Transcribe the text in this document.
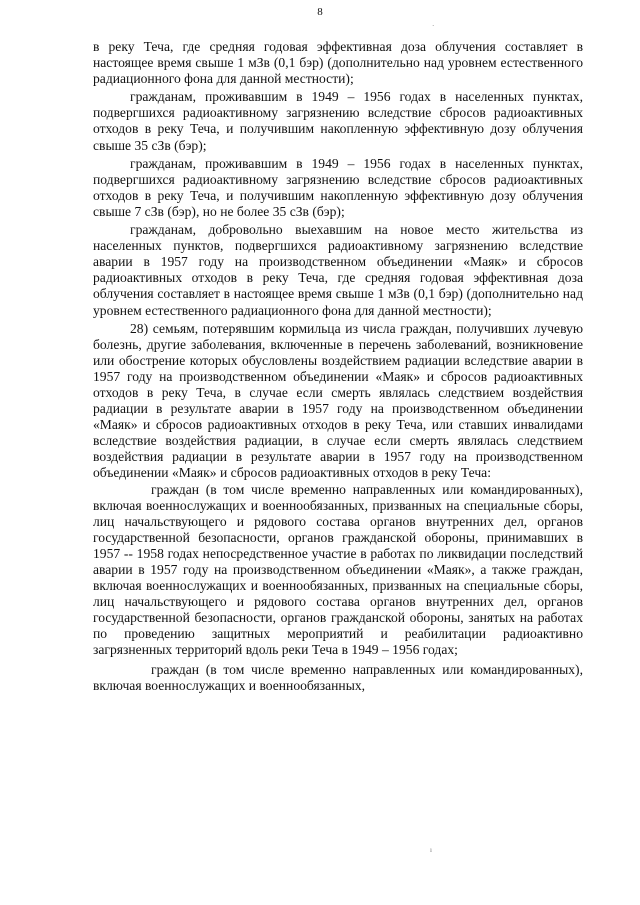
8
·

в реку Теча, где средняя годовая эффективная доза облучения составляет в настоящее время свыше 1 мЗв (0,1 бэр) (дополнительно над уровнем естественного радиационного фона для данной местности);

гражданам, проживавшим в 1949 – 1956 годах в населенных пунктах, подвергшихся радиоактивному загрязнению вследствие сбросов радиоактивных отходов в реку Теча, и получившим накопленную эффективную дозу облучения свыше 35 сЗв (бэр);

гражданам, проживавшим в 1949 – 1956 годах в населенных пунктах, подвергшихся радиоактивному загрязнению вследствие сбросов радиоактивных отходов в реку Теча, и получившим накопленную эффективную дозу облучения свыше 7 сЗв (бэр), но не более 35 сЗв (бэр);

гражданам, добровольно выехавшим на новое место жительства из населенных пунктов, подвергшихся радиоактивному загрязнению вследствие аварии в 1957 году на производственном объединении «Маяк» и сбросов радиоактивных отходов в реку Теча, где средняя годовая эффективная доза облучения составляет в настоящее время свыше 1 мЗв (0,1 бэр) (дополнительно над уровнем естественного радиационного фона для данной местности);

28) семьям, потерявшим кормильца из числа граждан, получивших лучевую болезнь, другие заболевания, включенные в перечень заболеваний, возникновение или обострение которых обусловлены воздействием радиации вследствие аварии в 1957 году на производственном объединении «Маяк» и сбросов радиоактивных отходов в реку Теча, в случае если смерть являлась следствием воздействия радиации в результате аварии в 1957 году на производственном объединении «Маяк» и сбросов радиоактивных отходов в реку Теча, или ставших инвалидами вследствие воздействия радиации, в случае если смерть являлась следствием воздействия радиации в результате аварии в 1957 году на производственном объединении «Маяк» и сбросов радиоактивных отходов в реку Теча:

граждан (в том числе временно направленных или командированных), включая военнослужащих и военнообязанных, призванных на специальные сборы, лиц начальствующего и рядового состава органов внутренних дел, органов государственной безопасности, органов гражданской обороны, принимавших в 1957 -- 1958 годах непосредственное участие в работах по ликвидации последствий аварии в 1957 году на производственном объединении «Маяк», а также граждан, включая военнослужащих и военнообязанных, призванных на специальные сборы, лиц начальствующего и рядового состава органов внутренних дел, органов государственной безопасности, органов гражданской обороны, занятых на работах по проведению защитных мероприятий и реабилитации радиоактивно загрязненных территорий вдоль реки Теча в 1949 – 1956 годах;

граждан (в том числе временно направленных или командированных), включая военнослужащих и военнообязанных,

ı
